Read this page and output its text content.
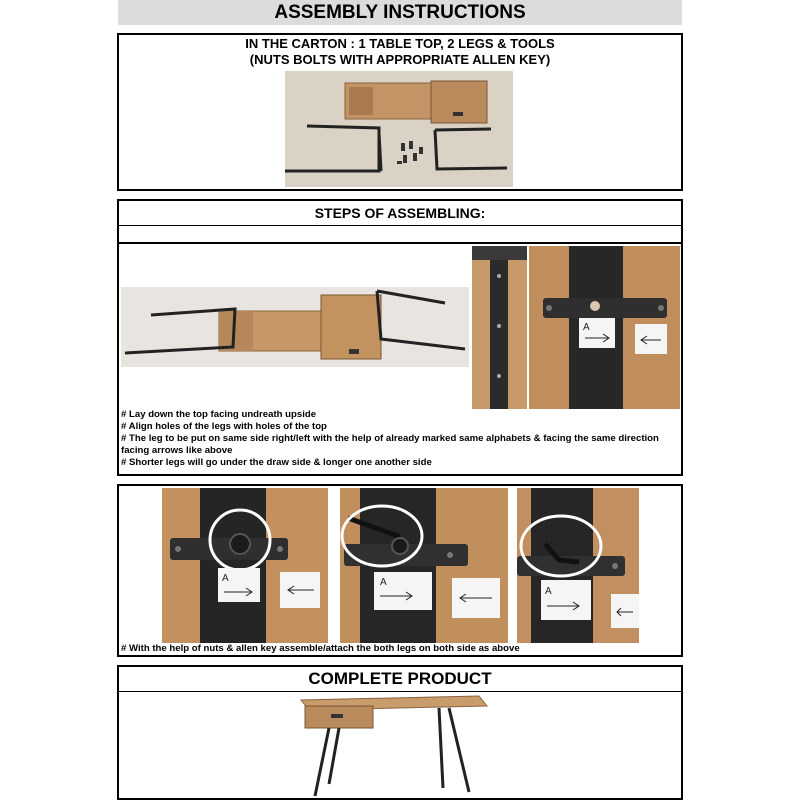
ASSEMBLY INSTRUCTIONS
IN THE CARTON : 1 TABLE TOP, 2 LEGS & TOOLS
(NUTS BOLTS WITH APPROPRIATE ALLEN KEY)
STEPS OF ASSEMBLING:
A
# Lay down the top facing undreath upside
# Align holes of the legs with holes of the top
# The leg to be put on same side right/left with the help of already marked same alphabets & facing the same direction
facing arrows like above
# Shorter legs will go under the draw side & longer one another side
A	A
A
# With the help of nuts & allen key assemble/attach the both legs on both side as above
COMPLETE PRODUCT
